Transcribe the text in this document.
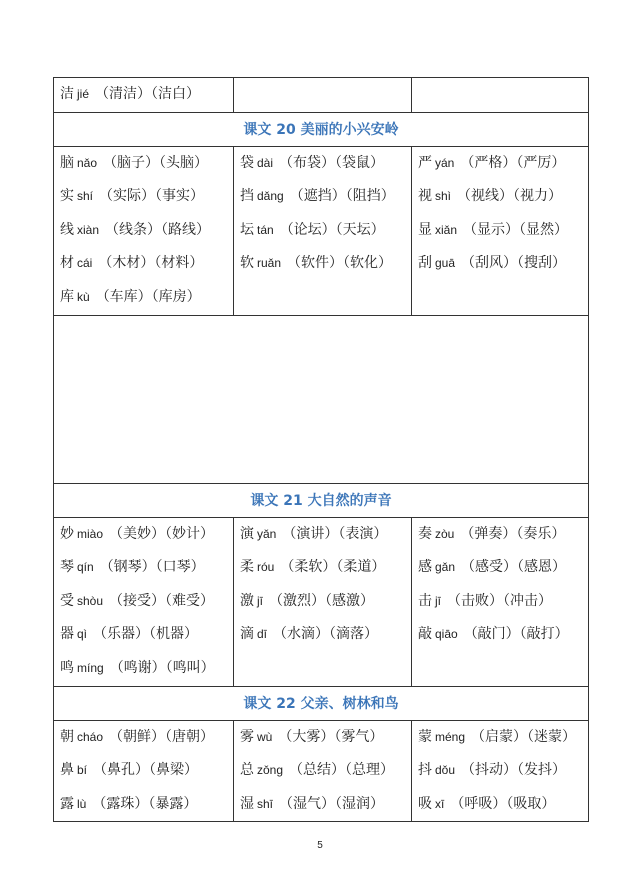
洁 jié （清洁）（洁白）
课文 20 美丽的小兴安岭
脑 nǎo （脑子）（头脑）
实 shí （实际）（事实）
线 xiàn （线条）（路线）
材 cái （木材）（材料）
库 kù （车库）（库房）
袋 dài （布袋）（袋鼠）
挡 dǎng （遮挡）（阻挡）
坛 tán （论坛）（天坛）
软 ruǎn （软件）（软化）
严 yán （严格）（严厉）
视 shì （视线）（视力）
显 xiǎn （显示）（显然）
刮 guā （刮风）（搜刮）
课文 21 大自然的声音
妙 miào （美妙）（妙计）
琴 qín （钢琴）（口琴）
受 shòu （接受）（难受）
器 qì （乐器）（机器）
鸣 míng （鸣谢）（鸣叫）
演 yǎn （演讲）（表演）
柔 róu （柔软）（柔道）
激 jī （激烈）（感激）
滴 dī （水滴）（滴落）
奏 zòu （弹奏）（奏乐）
感 gǎn （感受）（感恩）
击 jī （击败）（冲击）
敲 qiāo （敲门）（敲打）
课文 22 父亲、树林和鸟
朝 cháo （朝鲜）（唐朝）
鼻 bí （鼻孔）（鼻梁）
露 lù （露珠）（暴露）
雾 wù （大雾）（雾气）
总 zǒng （总结）（总理）
湿 shī （湿气）（湿润）
蒙 méng （启蒙）（迷蒙）
抖 dǒu （抖动）（发抖）
吸 xī （呼吸）（吸取）
5
